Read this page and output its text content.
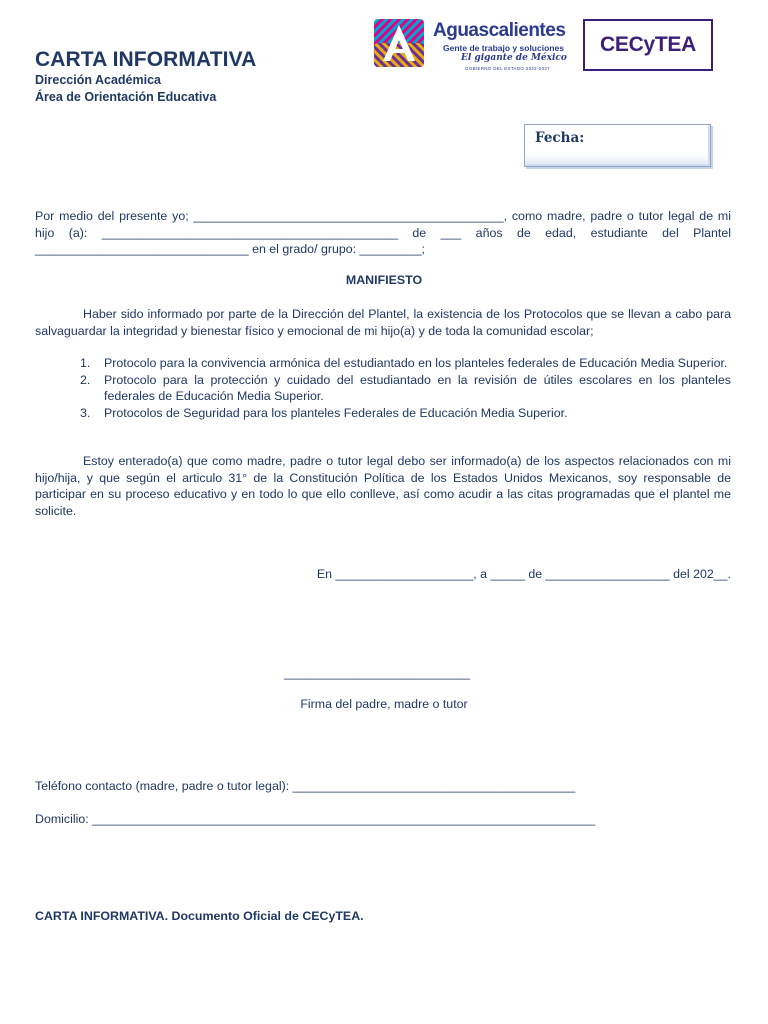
CARTA INFORMATIVA
Dirección Académica
Área de Orientación Educativa
Aguascalientes
Gente de trabajo y soluciones
El gigante de México
GOBIERNO DEL ESTADO 2022-2027
CECyTEA
Fecha:

Por medio del presente yo; _____________________________________________, como madre, padre o tutor legal de mi hijo (a): ___________________________________________ de ___ años de edad, estudiante del Plantel _______________________________ en el grado/ grupo: _________;

MANIFIESTO

Haber sido informado por parte de la Dirección del Plantel, la existencia de los Protocolos que se llevan a cabo para salvaguardar la integridad y bienestar físico y emocional de mi hijo(a) y de toda la comunidad escolar;

1. Protocolo para la convivencia armónica del estudiantado en los planteles federales de Educación Media Superior.
2. Protocolo para la protección y cuidado del estudiantado en la revisión de útiles escolares en los planteles federales de Educación Media Superior.
3. Protocolos de Seguridad para los planteles Federales de Educación Media Superior.

Estoy enterado(a) que como madre, padre o tutor legal debo ser informado(a) de los aspectos relacionados con mi hijo/hija, y que según el articulo 31° de la Constitución Política de los Estados Unidos Mexicanos, soy responsable de participar en su proceso educativo y en todo lo que ello conlleve, así como acudir a las citas programadas que el plantel me solicite.

En ____________________, a _____ de __________________ del 202__.
___________________________
Firma del padre, madre o tutor
Teléfono contacto (madre, padre o tutor legal): _________________________________________
Domicilio: _________________________________________________________________________
CARTA INFORMATIVA. Documento Oficial de CECyTEA.
